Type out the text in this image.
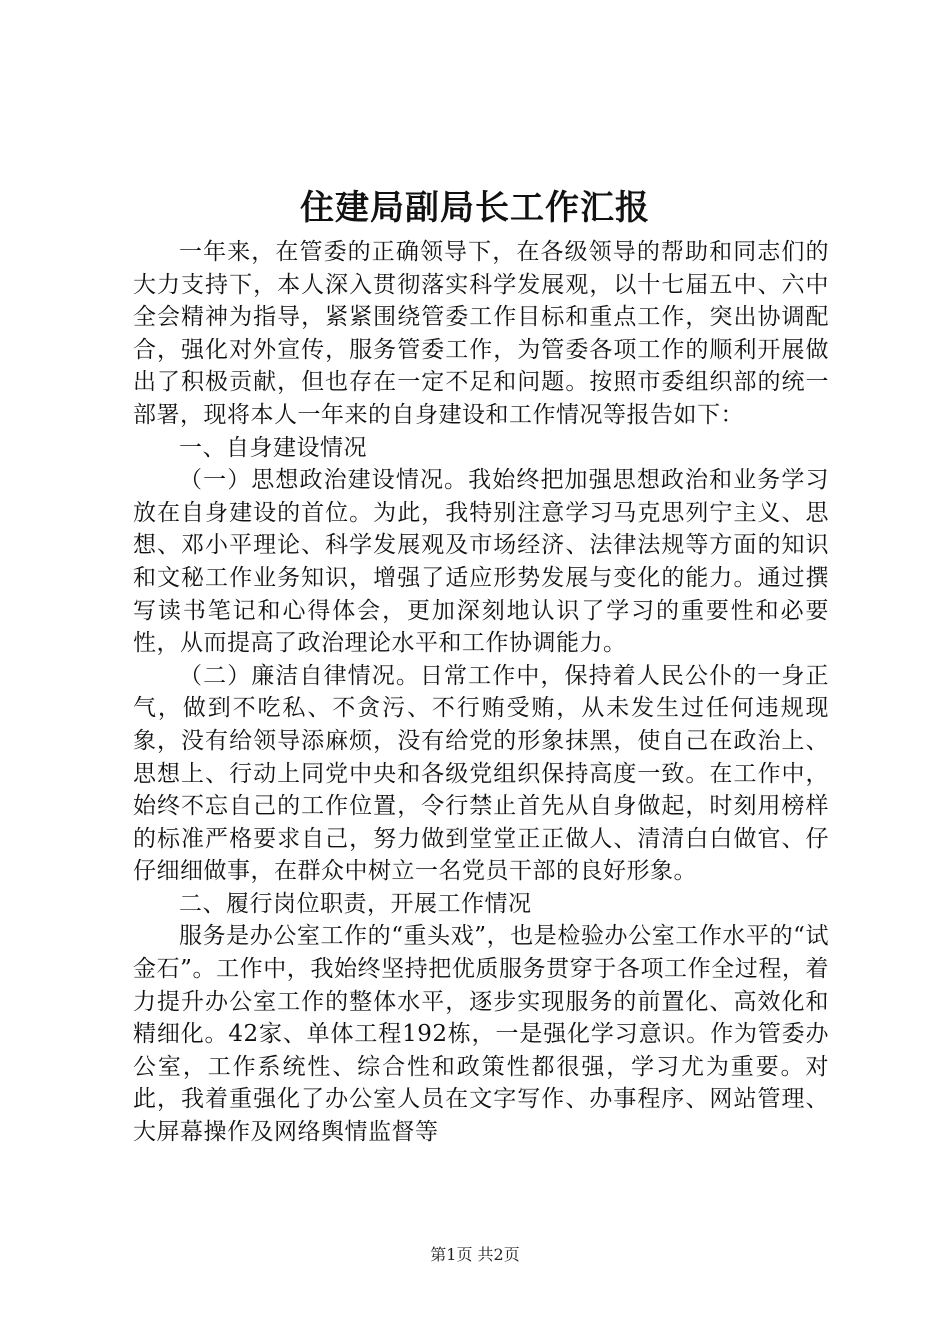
住建局副局长工作汇报

一年来，在管委的正确领导下，在各级领导的帮助和同志们的大力支持下，本人深入贯彻落实科学发展观，以十七届五中、六中全会精神为指导，紧紧围绕管委工作目标和重点工作，突出协调配合，强化对外宣传，服务管委工作，为管委各项工作的顺利开展做出了积极贡献，但也存在一定不足和问题。按照市委组织部的统一部署，现将本人一年来的自身建设和工作情况等报告如下：

一、自身建设情况

（一）思想政治建设情况。我始终把加强思想政治和业务学习放在自身建设的首位。为此，我特别注意学习马克思列宁主义、思想、邓小平理论、科学发展观及市场经济、法律法规等方面的知识和文秘工作业务知识，增强了适应形势发展与变化的能力。通过撰写读书笔记和心得体会，更加深刻地认识了学习的重要性和必要性，从而提高了政治理论水平和工作协调能力。

（二）廉洁自律情况。日常工作中，保持着人民公仆的一身正气，做到不吃私、不贪污、不行贿受贿，从未发生过任何违规现象，没有给领导添麻烦，没有给党的形象抹黑，使自己在政治上、思想上、行动上同党中央和各级党组织保持高度一致。在工作中，始终不忘自己的工作位置，令行禁止首先从自身做起，时刻用榜样的标准严格要求自己，努力做到堂堂正正做人、清清白白做官、仔仔细细做事，在群众中树立一名党员干部的良好形象。

二、履行岗位职责，开展工作情况

服务是办公室工作的“重头戏”，也是检验办公室工作水平的“试金石”。工作中，我始终坚持把优质服务贯穿于各项工作全过程，着力提升办公室工作的整体水平，逐步实现服务的前置化、高效化和精细化。42家、单体工程192栋，一是强化学习意识。作为管委办公室，工作系统性、综合性和政策性都很强，学习尤为重要。对此，我着重强化了办公室人员在文字写作、办事程序、网站管理、大屏幕操作及网络舆情监督等

第1页 共2页
